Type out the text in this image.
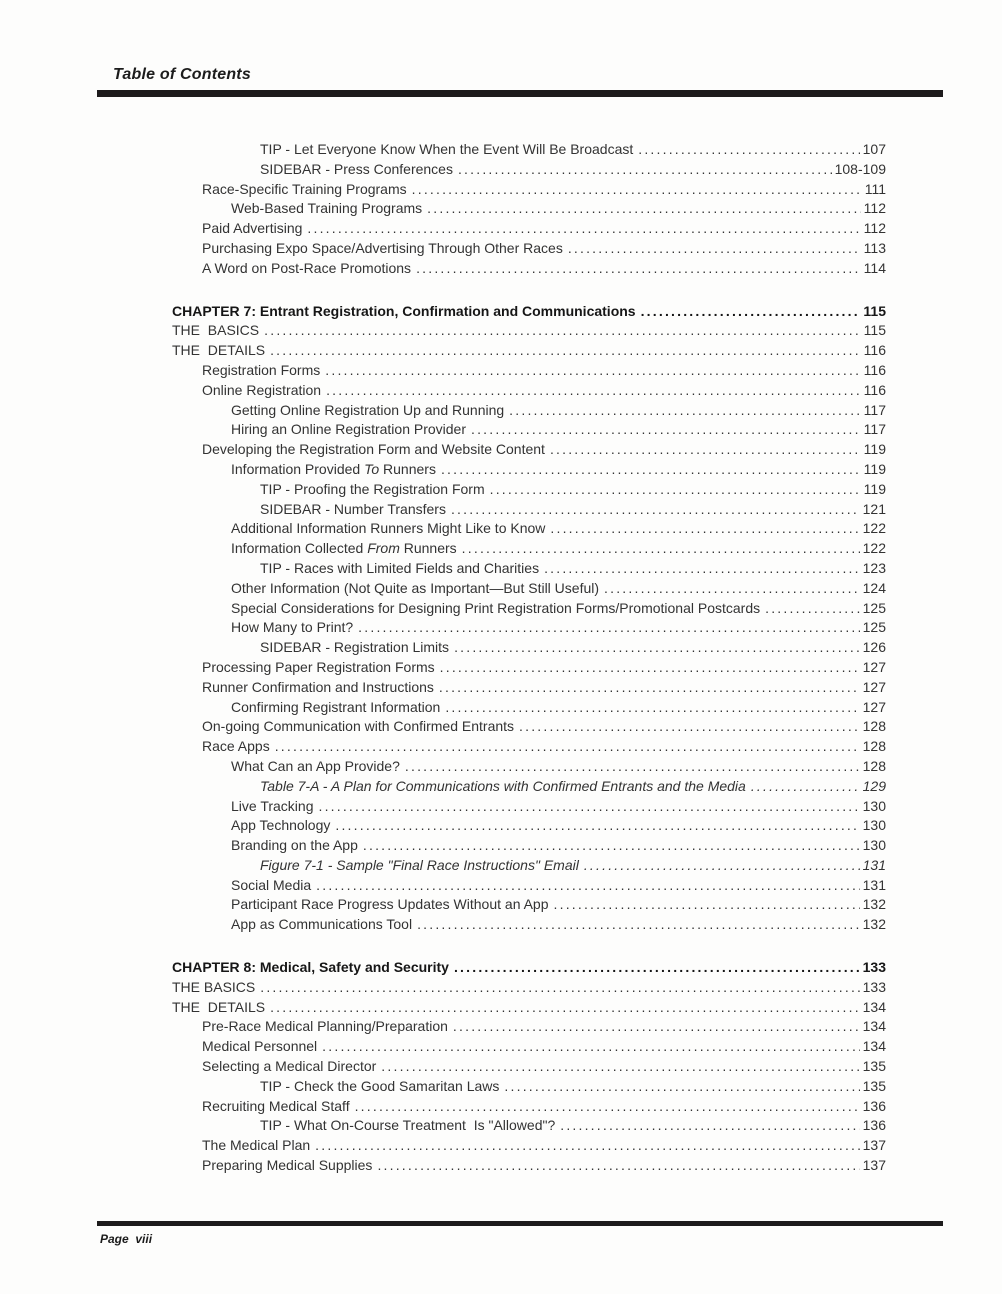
Table of Contents
TIP - Let Everyone Know When the Event Will Be Broadcast .....	107
SIDEBAR - Press Conferences .....	108-109
Race-Specific Training Programs .....	111
Web-Based Training Programs .....	112
Paid Advertising .....	112
Purchasing Expo Space/Advertising Through Other Races .....	113
A Word on Post-Race Promotions .....	114
CHAPTER 7: Entrant Registration, Confirmation and Communications .....	115
THE  BASICS .....	115
THE  DETAILS .....	116
Registration Forms .....	116
Online Registration .....	116
Getting Online Registration Up and Running .....	117
Hiring an Online Registration Provider .....	117
Developing the Registration Form and Website Content .....	119
Information Provided To Runners .....	119
TIP - Proofing the Registration Form .....	119
SIDEBAR - Number Transfers .....	121
Additional Information Runners Might Like to Know .....	122
Information Collected From Runners .....	122
TIP - Races with Limited Fields and Charities .....	123
Other Information (Not Quite as Important—But Still Useful) .....	124
Special Considerations for Designing Print Registration Forms/Promotional Postcards .....	125
How Many to Print? .....	125
SIDEBAR - Registration Limits .....	126
Processing Paper Registration Forms .....	127
Runner Confirmation and Instructions .....	127
Confirming Registrant Information .....	127
On-going Communication with Confirmed Entrants .....	128
Race Apps .....	128
What Can an App Provide? .....	128
Table 7-A - A Plan for Communications with Confirmed Entrants and the Media .....	129
Live Tracking .....	130
App Technology .....	130
Branding on the App .....	130
Figure 7-1 - Sample "Final Race Instructions" Email .....	131
Social Media .....	131
Participant Race Progress Updates Without an App .....	132
App as Communications Tool .....	132
CHAPTER 8: Medical, Safety and Security .....	133
THE BASICS .....	133
THE  DETAILS .....	134
Pre-Race Medical Planning/Preparation .....	134
Medical Personnel .....	134
Selecting a Medical Director .....	135
TIP - Check the Good Samaritan Laws .....	135
Recruiting Medical Staff .....	136
TIP - What On-Course Treatment  Is "Allowed"? .....	136
The Medical Plan .....	137
Preparing Medical Supplies .....	137
Page  viii
